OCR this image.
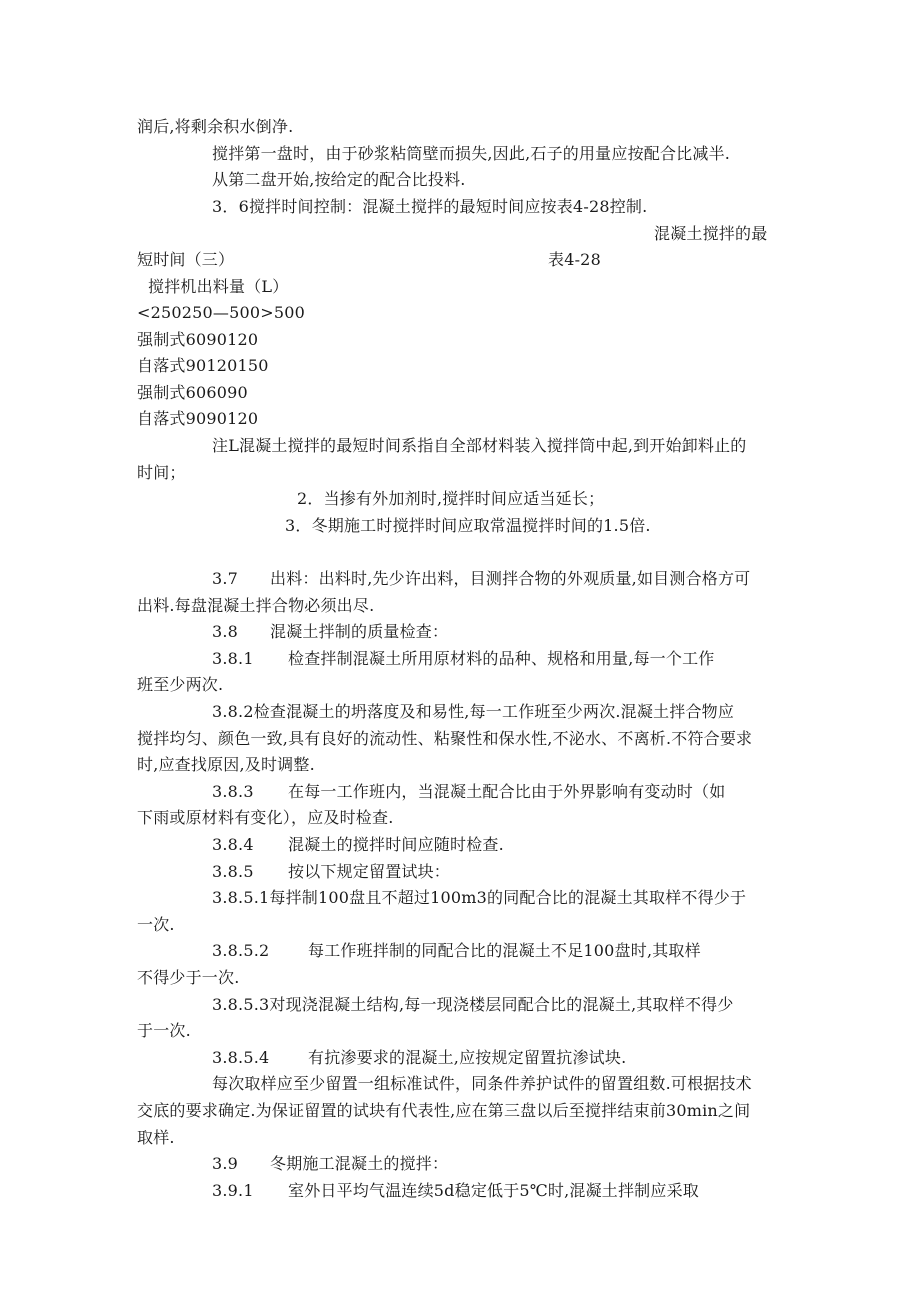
润后,将剩余积水倒净.
搅拌第一盘时，由于砂浆粘筒壁而损失,因此,石子的用量应按配合比减半.
从第二盘开始,按给定的配合比投料.
3．6搅拌时间控制：混凝土搅拌的最短时间应按表4-28控制.
混凝土搅拌的最
短时间（三）	表4-28
搅拌机出料量（L）
<250250—500>500
强制式6090120
自落式90120150
强制式606090
自落式9090120
注L混凝土搅拌的最短时间系指自全部材料装入搅拌筒中起,到开始卸料止的
时间；
2．当掺有外加剂时,搅拌时间应适当延长；
3．冬期施工时搅拌时间应取常温搅拌时间的1.5倍.
3.7 出料：出料时,先少许出料，目测拌合物的外观质量,如目测合格方可
出料.每盘混凝土拌合物必须出尽.
3.8 混凝土拌制的质量检查：
3.8.1 检查拌制混凝土所用原材料的品种、规格和用量,每一个工作
班至少两次.
3.8.2检查混凝土的坍落度及和易性,每一工作班至少两次.混凝土拌合物应
搅拌均匀、颜色一致,具有良好的流动性、粘聚性和保水性,不泌水、不离析.不符合要求
时,应查找原因,及时调整.
3.8.3 在每一工作班内，当混凝土配合比由于外界影响有变动时（如
下雨或原材料有变化），应及时检查.
3.8.4 混凝土的搅拌时间应随时检查.
3.8.5 按以下规定留置试块：
3.8.5.1每拌制100盘且不超过100m3的同配合比的混凝土其取样不得少于
一次.
3.8.5.2 每工作班拌制的同配合比的混凝土不足100盘时,其取样
不得少于一次.
3.8.5.3对现浇混凝土结构,每一现浇楼层同配合比的混凝土,其取样不得少
于一次.
3.8.5.4 有抗渗要求的混凝土,应按规定留置抗渗试块.
每次取样应至少留置一组标准试件，同条件养护试件的留置组数.可根据技术
交底的要求确定.为保证留置的试块有代表性,应在第三盘以后至搅拌结束前30min之间
取样.
3.9 冬期施工混凝土的搅拌：
3.9.1 室外日平均气温连续5d稳定低于5℃时,混凝土拌制应采取
